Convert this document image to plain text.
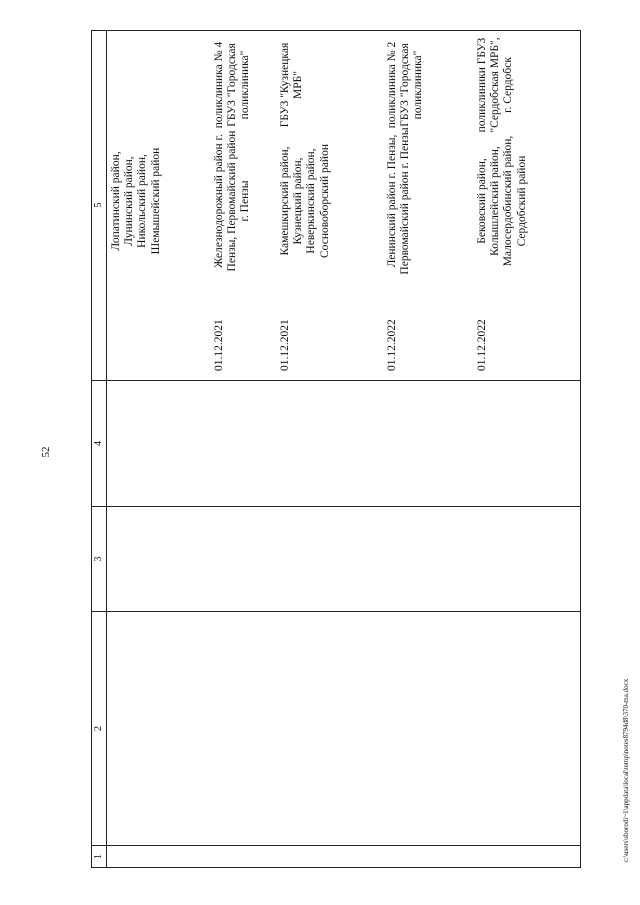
52
1
2
3
4
5 Лопатинский район, Лунинский район, Никольский район, Шемышейский район
01.12.2021
Железнодорожный район г. Пензы, Первомайский район г. Пензы
поликлиника № 4 ГБУЗ "Городская поликлиника"
01.12.2021
Камешкирский район, Кузнецкий район, Неверкинский район, Сосновоборский район
ГБУЗ "Кузнецкая МРБ"
01.12.2022
Ленинский район г. Пензы, Первомайский район г. Пензы
поликлиника № 2 ГБУЗ "Городская поликлиника"
01.12.2022
Бековский район, Колышлейский район, Малосердобинский район, Сердобский район
поликлиники ГБУЗ "Сердобская МРБ", г. Сердобск
c:\users\sborodi~1\appdata\local\temp\notes8794d8\370-ma.docx
